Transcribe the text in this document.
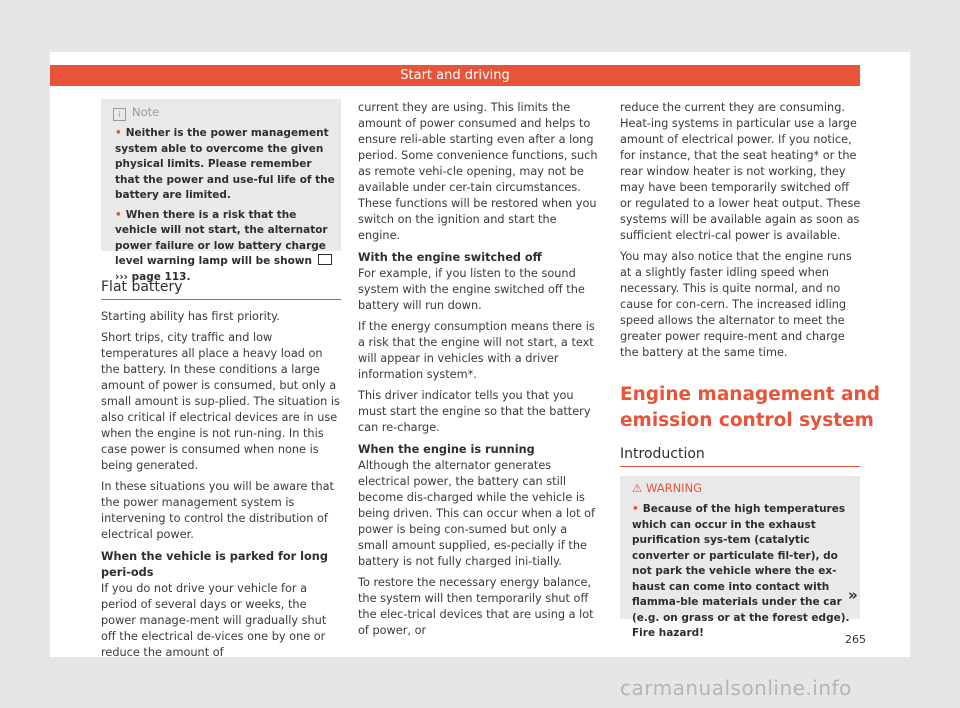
Start and driving
i Note
• Neither is the power management system able to overcome the given physical limits. Please remember that the power and use-ful life of the battery are limited.
• When there is a risk that the vehicle will not start, the alternator power failure or low battery charge level warning lamp will be shown  ››› page 113.
Flat battery

Starting ability has first priority.

Short trips, city traffic and low temperatures all place a heavy load on the battery. In these conditions a large amount of power is consumed, but only a small amount is sup-plied. The situation is also critical if electrical devices are in use when the engine is not run-ning. In this case power is consumed when none is being generated.

In these situations you will be aware that the power management system is intervening to control the distribution of electrical power.

When the vehicle is parked for long peri-ods

If you do not drive your vehicle for a period of several days or weeks, the power manage-ment will gradually shut off the electrical de-vices one by one or reduce the amount of

current they are using. This limits the amount of power consumed and helps to ensure reli-able starting even after a long period. Some convenience functions, such as remote vehi-cle opening, may not be available under cer-tain circumstances. These functions will be restored when you switch on the ignition and start the engine.

With the engine switched off

For example, if you listen to the sound system with the engine switched off the battery will run down.

If the energy consumption means there is a risk that the engine will not start, a text will appear in vehicles with a driver information system*.

This driver indicator tells you that you must start the engine so that the battery can re-charge.

When the engine is running

Although the alternator generates electrical power, the battery can still become dis-charged while the vehicle is being driven. This can occur when a lot of power is being con-sumed but only a small amount supplied, es-pecially if the battery is not fully charged ini-tially.

To restore the necessary energy balance, the system will then temporarily shut off the elec-trical devices that are using a lot of power, or

reduce the current they are consuming. Heat-ing systems in particular use a large amount of electrical power. If you notice, for instance, that the seat heating* or the rear window heater is not working, they may have been temporarily switched off or regulated to a lower heat output. These systems will be available again as soon as sufficient electri-cal power is available.

You may also notice that the engine runs at a slightly faster idling speed when necessary. This is quite normal, and no cause for con-cern. The increased idling speed allows the alternator to meet the greater power require-ment and charge the battery at the same time.

Engine management and
emission control system
Introduction
⚠ WARNING
• Because of the high temperatures which can occur in the exhaust purification sys-tem (catalytic converter or particulate fil-ter), do not park the vehicle where the ex-haust can come into contact with flamma-ble materials under the car (e.g. on grass or at the forest edge). Fire hazard!
»
265
carmanualsonline.info
